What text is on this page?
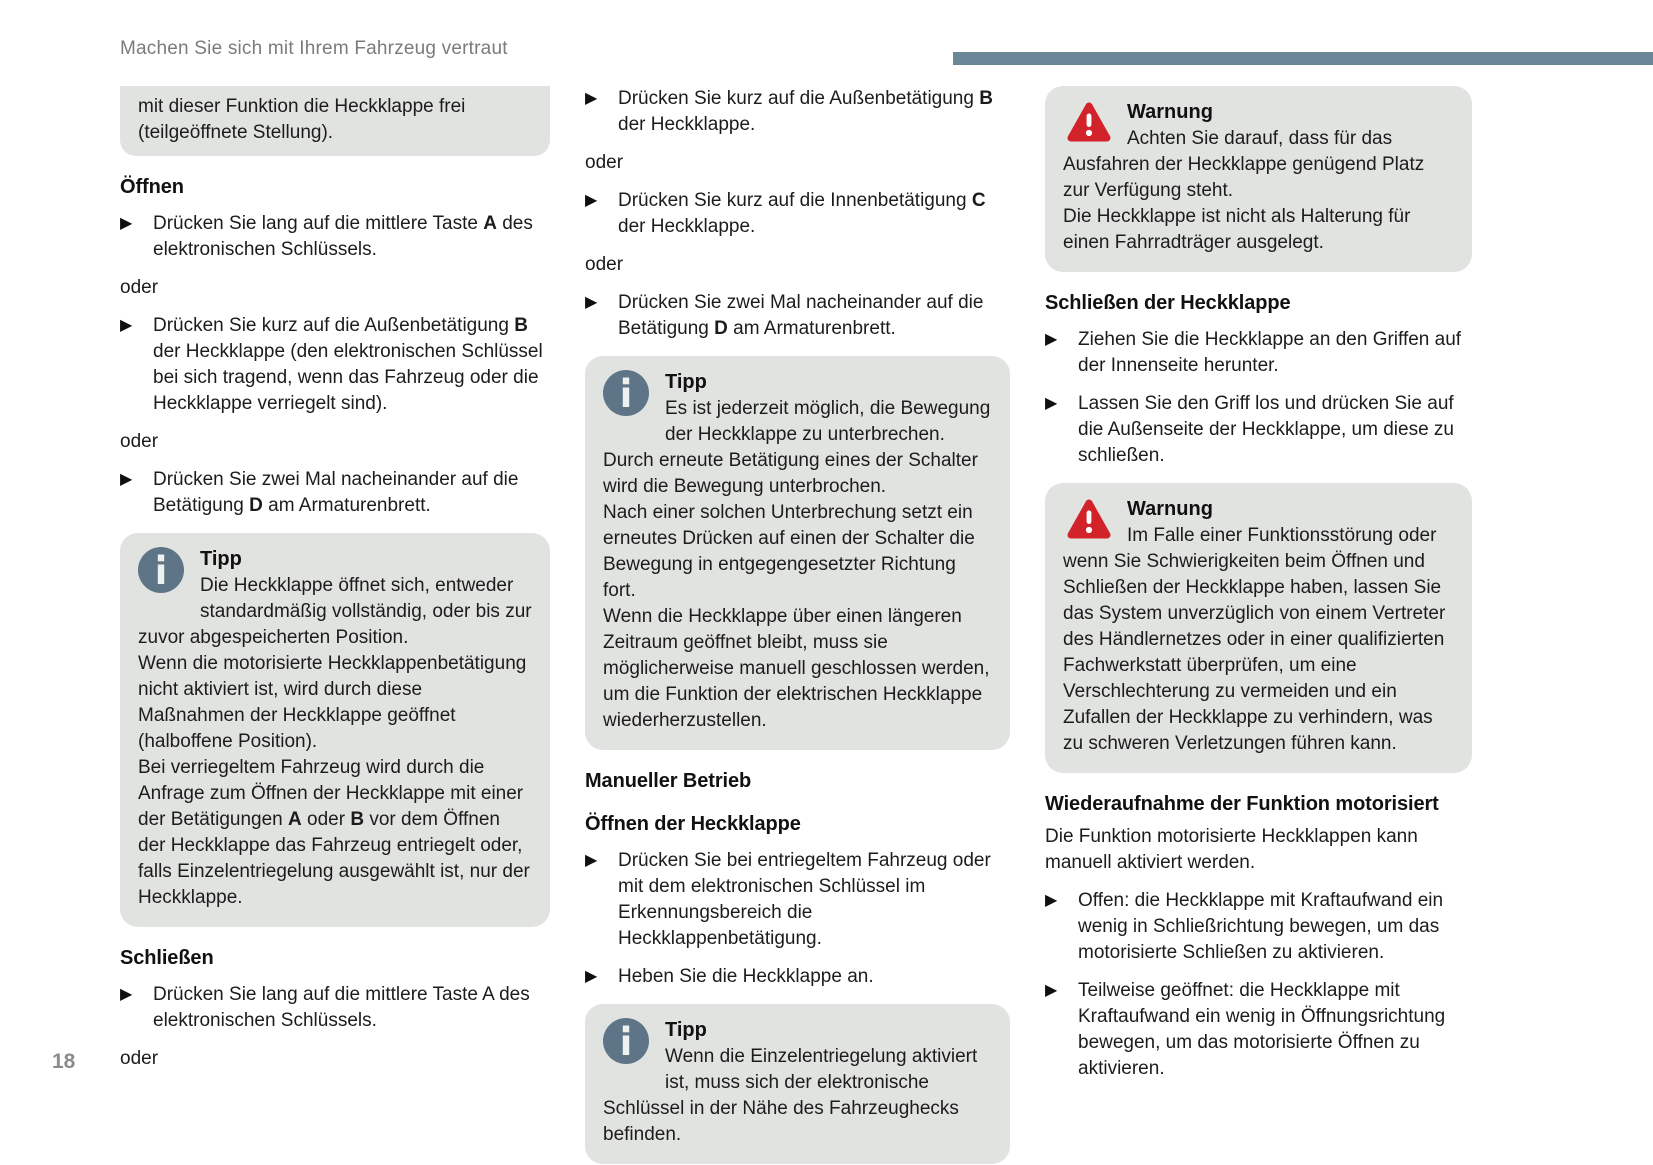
Machen Sie sich mit Ihrem Fahrzeug vertraut
mit dieser Funktion die Heckklappe frei (teilgeöffnete Stellung).
Öffnen
▶ Drücken Sie lang auf die mittlere Taste A des elektronischen Schlüssels.
oder
▶ Drücken Sie kurz auf die Außenbetätigung B der Heckklappe (den elektronischen Schlüssel bei sich tragend, wenn das Fahrzeug oder die Heckklappe verriegelt sind).
oder
▶ Drücken Sie zwei Mal nacheinander auf die Betätigung D am Armaturenbrett.
Tipp
Die Heckklappe öffnet sich, entweder standardmäßig vollständig, oder bis zur zuvor abgespeicherten Position.
Wenn die motorisierte Heckklappenbetätigung nicht aktiviert ist, wird durch diese Maßnahmen der Heckklappe geöffnet (halboffene Position).
Bei verriegeltem Fahrzeug wird durch die Anfrage zum Öffnen der Heckklappe mit einer der Betätigungen A oder B vor dem Öffnen der Heckklappe das Fahrzeug entriegelt oder, falls Einzelentriegelung ausgewählt ist, nur der Heckklappe.
Schließen
▶ Drücken Sie lang auf die mittlere Taste A des elektronischen Schlüssels.
oder
▶ Drücken Sie kurz auf die Außenbetätigung B der Heckklappe.
oder
▶ Drücken Sie kurz auf die Innenbetätigung C der Heckklappe.
oder
▶ Drücken Sie zwei Mal nacheinander auf die Betätigung D am Armaturenbrett.
Tipp
Es ist jederzeit möglich, die Bewegung der Heckklappe zu unterbrechen.
Durch erneute Betätigung eines der Schalter wird die Bewegung unterbrochen.
Nach einer solchen Unterbrechung setzt ein erneutes Drücken auf einen der Schalter die Bewegung in entgegengesetzter Richtung fort.
Wenn die Heckklappe über einen längeren Zeitraum geöffnet bleibt, muss sie möglicherweise manuell geschlossen werden, um die Funktion der elektrischen Heckklappe wiederherzustellen.
Manueller Betrieb
Öffnen der Heckklappe
▶ Drücken Sie bei entriegeltem Fahrzeug oder mit dem elektronischen Schlüssel im Erkennungsbereich die Heckklappenbetätigung.
▶ Heben Sie die Heckklappe an.
Tipp
Wenn die Einzelentriegelung aktiviert ist, muss sich der elektronische Schlüssel in der Nähe des Fahrzeughecks befinden.
Warnung
Achten Sie darauf, dass für das Ausfahren der Heckklappe genügend Platz zur Verfügung steht.
Die Heckklappe ist nicht als Halterung für einen Fahrradträger ausgelegt.
Schließen der Heckklappe
▶ Ziehen Sie die Heckklappe an den Griffen auf der Innenseite herunter.
▶ Lassen Sie den Griff los und drücken Sie auf die Außenseite der Heckklappe, um diese zu schließen.
Warnung
Im Falle einer Funktionsstörung oder wenn Sie Schwierigkeiten beim Öffnen und Schließen der Heckklappe haben, lassen Sie das System unverzüglich von einem Vertreter des Händlernetzes oder in einer qualifizierten Fachwerkstatt überprüfen, um eine Verschlechterung zu vermeiden und ein Zufallen der Heckklappe zu verhindern, was zu schweren Verletzungen führen kann.
Wiederaufnahme der Funktion motorisiert
Die Funktion motorisierte Heckklappen kann manuell aktiviert werden.
▶ Offen: die Heckklappe mit Kraftaufwand ein wenig in Schließrichtung bewegen, um das motorisierte Schließen zu aktivieren.
▶ Teilweise geöffnet: die Heckklappe mit Kraftaufwand ein wenig in Öffnungsrichtung bewegen, um das motorisierte Öffnen zu aktivieren.
18
